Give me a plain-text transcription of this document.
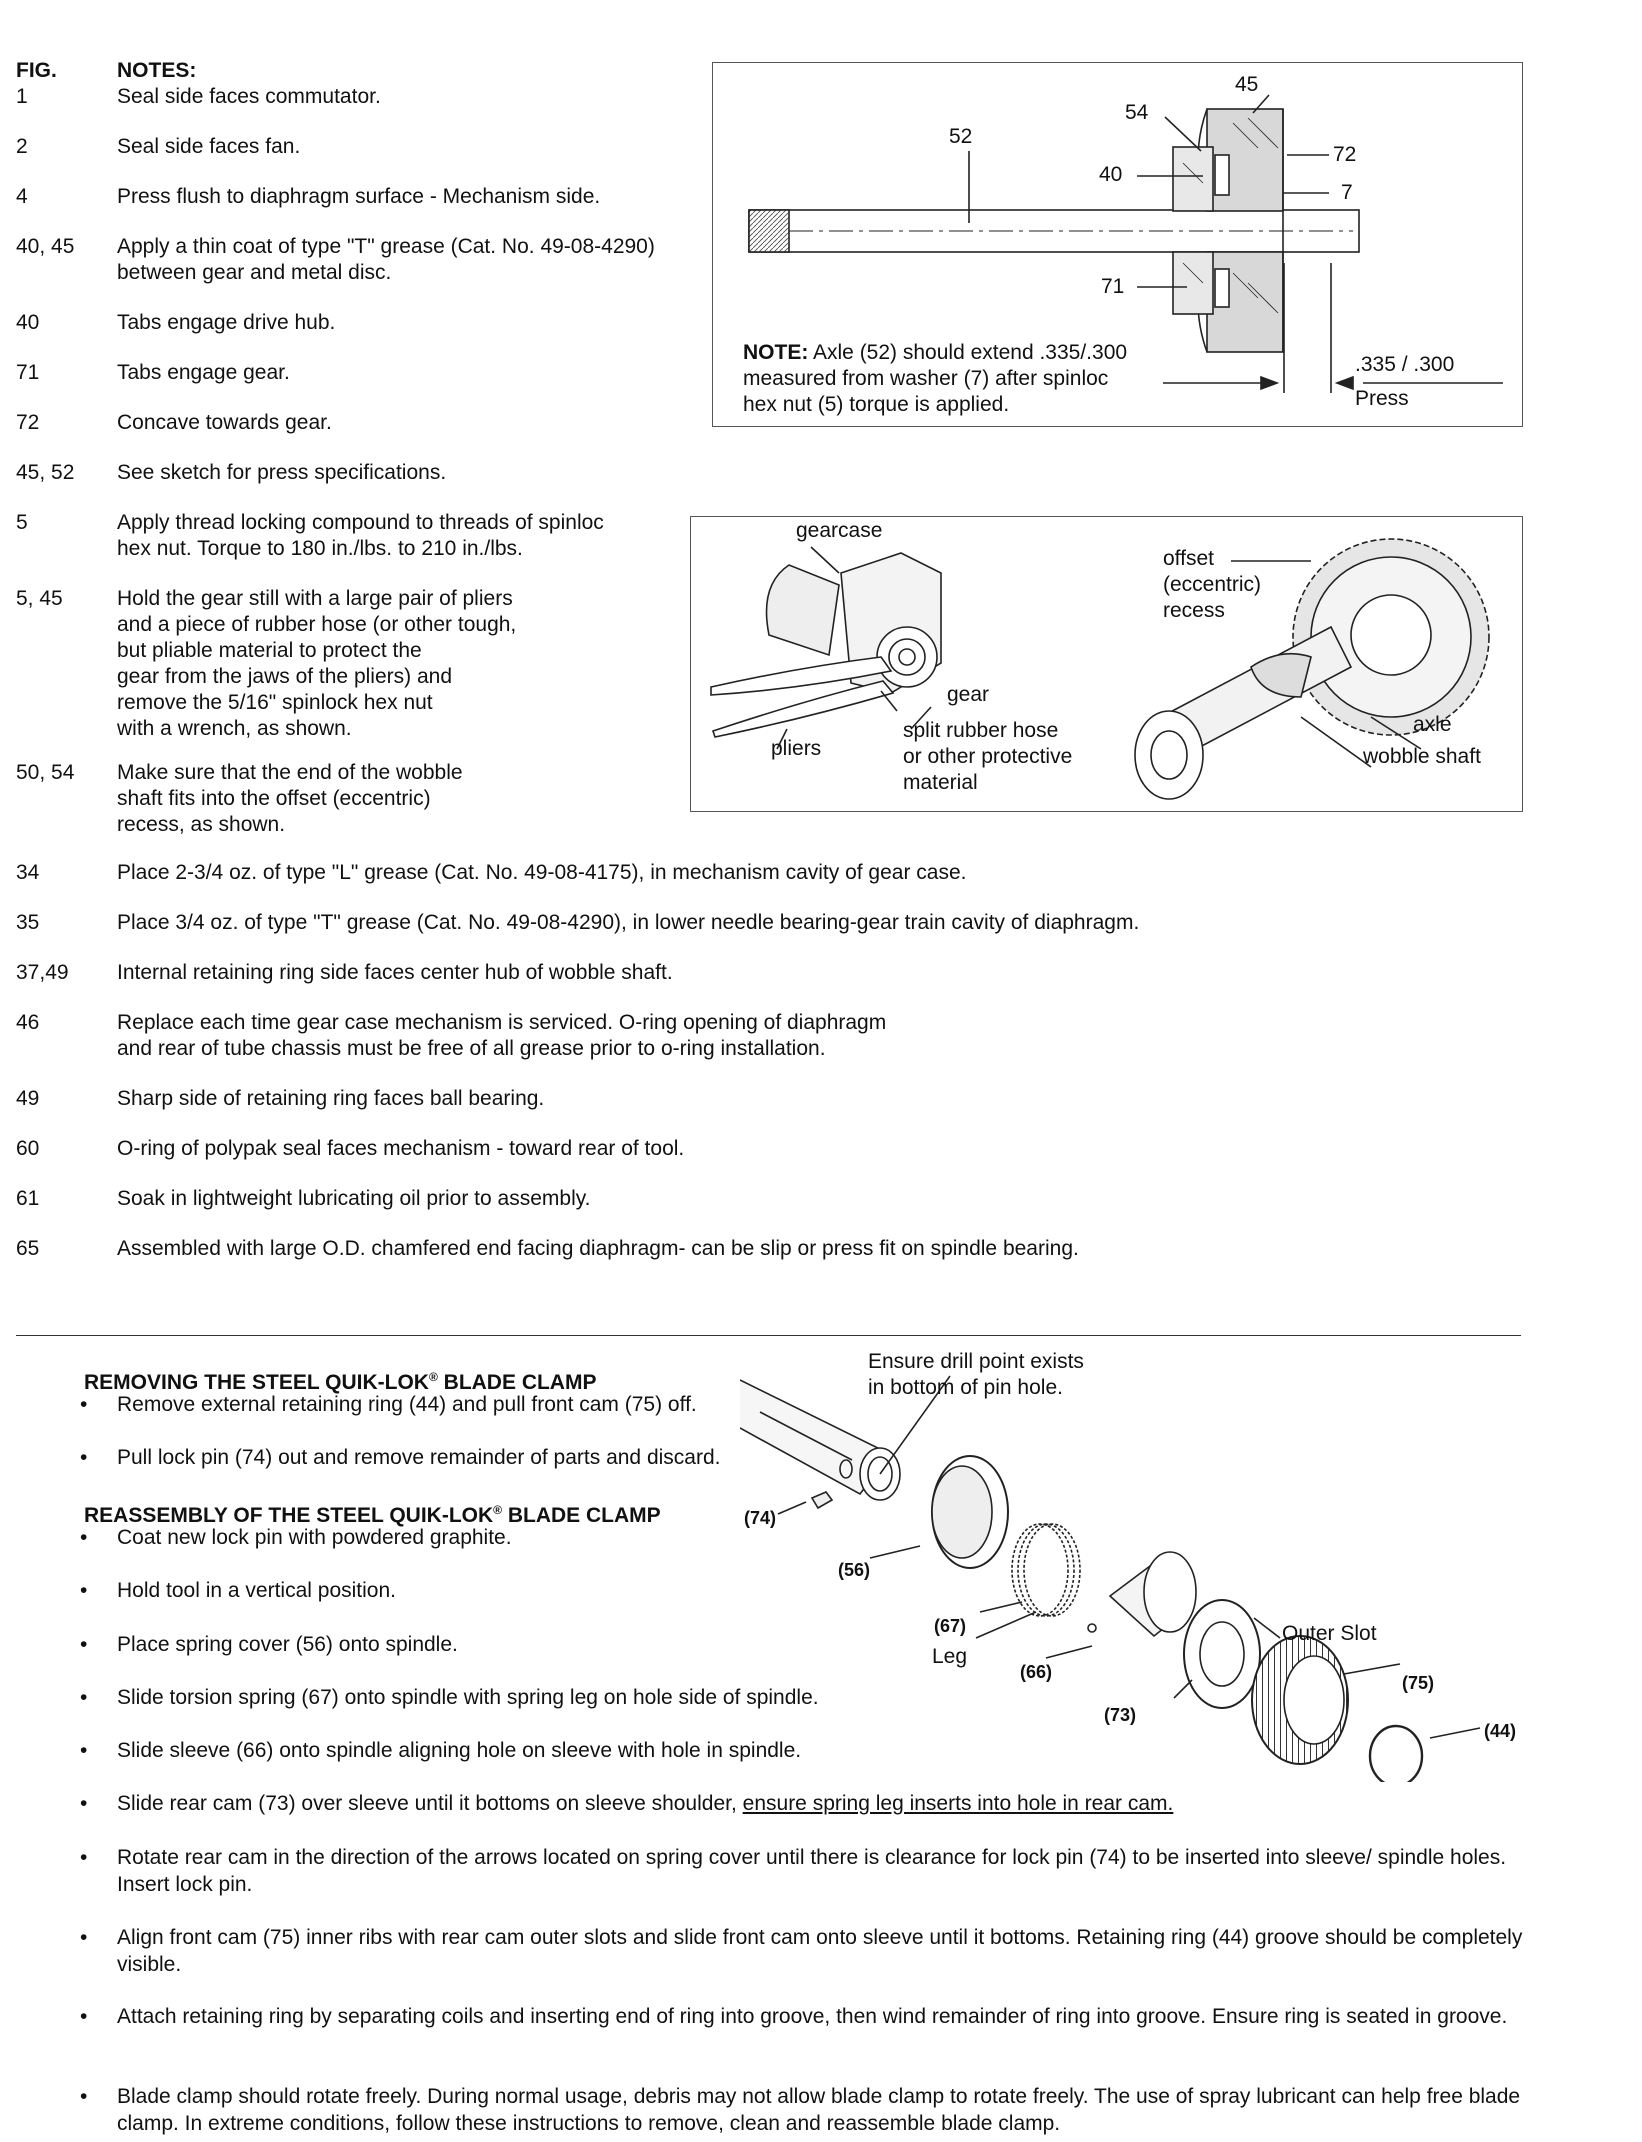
FIG.	NOTES:
1	Seal side faces commutator.
2	Seal side faces fan.
4	Press flush to diaphragm surface - Mechanism side.
40, 45	Apply a thin coat of type "T" grease (Cat. No. 49-08-4290)
between gear and metal disc.
40	Tabs engage drive hub.
71	Tabs engage gear.
72	Concave towards gear.
45, 52	See sketch for press specifications.
5	Apply thread locking compound to threads of spinloc
hex nut. Torque to 180 in./lbs. to 210 in./lbs.
5, 45	Hold the gear still with a large pair of pliers
and a piece of rubber hose (or other tough,
but pliable material to protect the
gear from the jaws of the pliers) and
remove the 5/16" spinlock hex nut
with a wrench, as shown.
50, 54	Make sure that the end of the wobble
shaft fits into the offset (eccentric)
recess, as shown.
34	Place 2-3/4 oz. of type "L" grease (Cat. No. 49-08-4175), in mechanism cavity of gear case.
35	Place 3/4 oz. of type "T" grease (Cat. No. 49-08-4290), in lower needle bearing-gear train cavity of diaphragm.
37,49	Internal retaining ring side faces center hub of wobble shaft.
46	Replace each time gear case mechanism is serviced. O-ring opening of diaphragm
and rear of tube chassis must be free of all grease prior to o-ring installation.
49	Sharp side of retaining ring faces ball bearing.
60	O-ring of polypak seal faces mechanism - toward rear of tool.
61	Soak in lightweight lubricating oil prior to assembly.
65	Assembled with large O.D. chamfered end facing diaphragm- can be slip or press fit on spindle bearing.
45
54
52
40
72
7
71
NOTE: Axle (52) should extend .335/.300
measured from washer (7) after spinloc
hex nut (5) torque is applied.
.335 / .300
Press
gearcase
offset
(eccentric)
recess
gear
pliers
split rubber hose
or other protective
material
axle
wobble shaft
Ensure drill point exists
in bottom of pin hole.
(74)
(56)
(67)
Leg
(66)
(73)
Outer Slot
(75)
(44)
REMOVING THE STEEL QUIK-LOK® BLADE CLAMP
• Remove external retaining ring (44) and pull front cam (75) off.
• Pull lock pin (74) out and remove remainder of parts and discard.
REASSEMBLY OF THE STEEL QUIK-LOK® BLADE CLAMP
• Coat new lock pin with powdered graphite.
• Hold tool in a vertical position.
• Place spring cover (56) onto spindle.
• Slide torsion spring (67) onto spindle with spring leg on hole side of spindle.
• Slide sleeve (66) onto spindle aligning hole on sleeve with hole in spindle.
• Slide rear cam (73) over sleeve until it bottoms on sleeve shoulder, ensure spring leg inserts into hole in rear cam.
• Rotate rear cam in the direction of the arrows located on spring cover until there is clearance for lock pin (74) to be inserted into sleeve/ spindle holes. Insert lock pin.
• Align front cam (75) inner ribs with rear cam outer slots and slide front cam onto sleeve until it bottoms. Retaining ring (44) groove should be completely visible.
• Attach retaining ring by separating coils and inserting end of ring into groove, then wind remainder of ring into groove. Ensure ring is seated in groove.
• Blade clamp should rotate freely. During normal usage, debris may not allow blade clamp to rotate freely. The use of spray lubricant can help free blade clamp. In extreme conditions, follow these instructions to remove, clean and reassemble blade clamp.
